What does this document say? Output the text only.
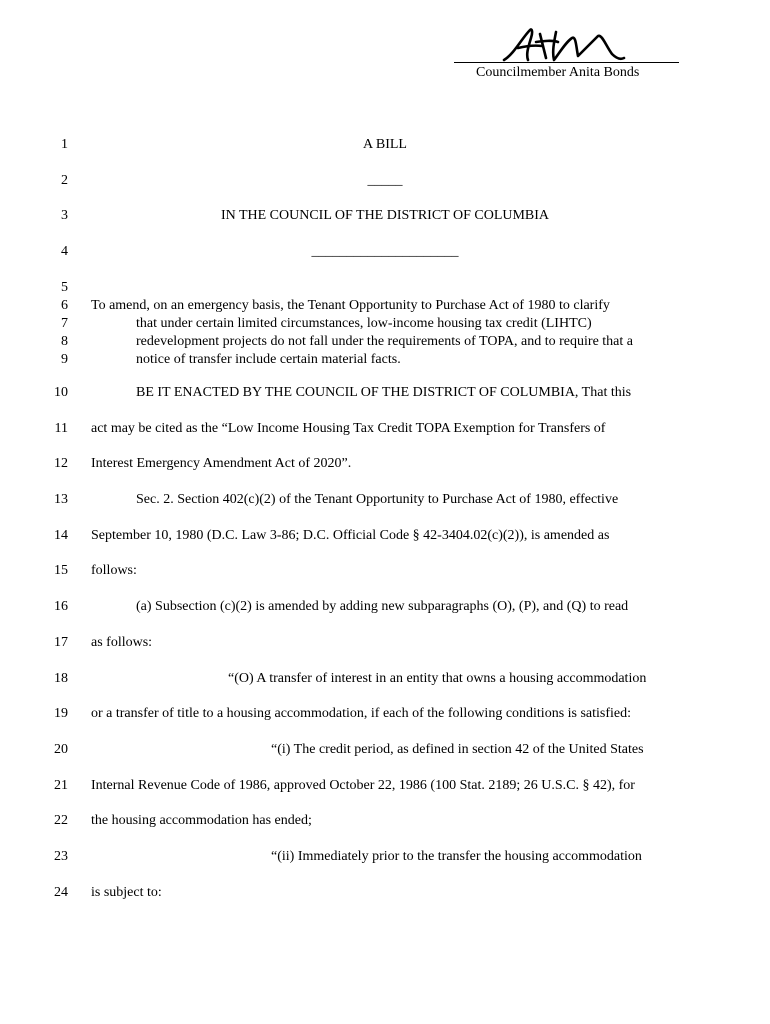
Councilmember Anita Bonds
1
2
3
4
5
6
7
8
9
10
11
12
13
14
15
16
17
18
19
20
21
22
23
24
A BILL
_____
IN THE COUNCIL OF THE DISTRICT OF COLUMBIA
_____________________
To amend, on an emergency basis, the Tenant Opportunity to Purchase Act of 1980 to clarify
that under certain limited circumstances, low-income housing tax credit (LIHTC)
redevelopment projects do not fall under the requirements of TOPA, and to require that a
notice of transfer include certain material facts.
BE IT ENACTED BY THE COUNCIL OF THE DISTRICT OF COLUMBIA, That this
act may be cited as the “Low Income Housing Tax Credit TOPA Exemption for Transfers of
Interest Emergency Amendment Act of 2020”.
Sec. 2. Section 402(c)(2) of the Tenant Opportunity to Purchase Act of 1980, effective
September 10, 1980 (D.C. Law 3-86; D.C. Official Code § 42-3404.02(c)(2)), is amended as
follows:
(a) Subsection (c)(2) is amended by adding new subparagraphs (O), (P), and (Q) to read
as follows:
“(O) A transfer of interest in an entity that owns a housing accommodation
or a transfer of title to a housing accommodation, if each of the following conditions is satisfied:
“(i) The credit period, as defined in section 42 of the United States
Internal Revenue Code of 1986, approved October 22, 1986 (100 Stat. 2189; 26 U.S.C. § 42), for
the housing accommodation has ended;
“(ii) Immediately prior to the transfer the housing accommodation
is subject to:
